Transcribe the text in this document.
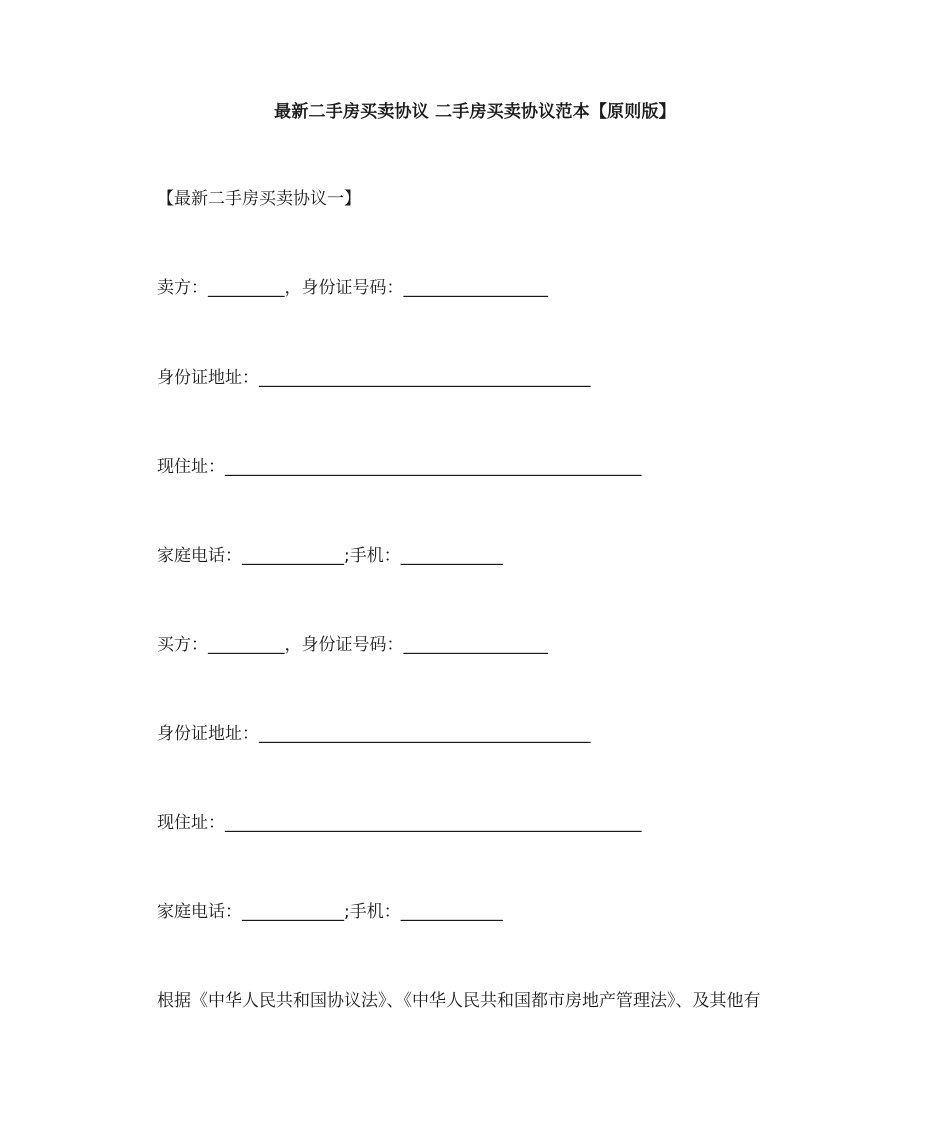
最新二手房买卖协议 二手房买卖协议范本【原则版】
【最新二手房买卖协议一】
卖方：_________，身份证号码：_________________
身份证地址：_______________________________________
现住址：_________________________________________________
家庭电话：____________;手机：____________
买方：_________，身份证号码：_________________
身份证地址：_______________________________________
现住址：_________________________________________________
家庭电话：____________;手机：____________
根据《中华人民共和国协议法》、《中华人民共和国都市房地产管理法》、及其他有
